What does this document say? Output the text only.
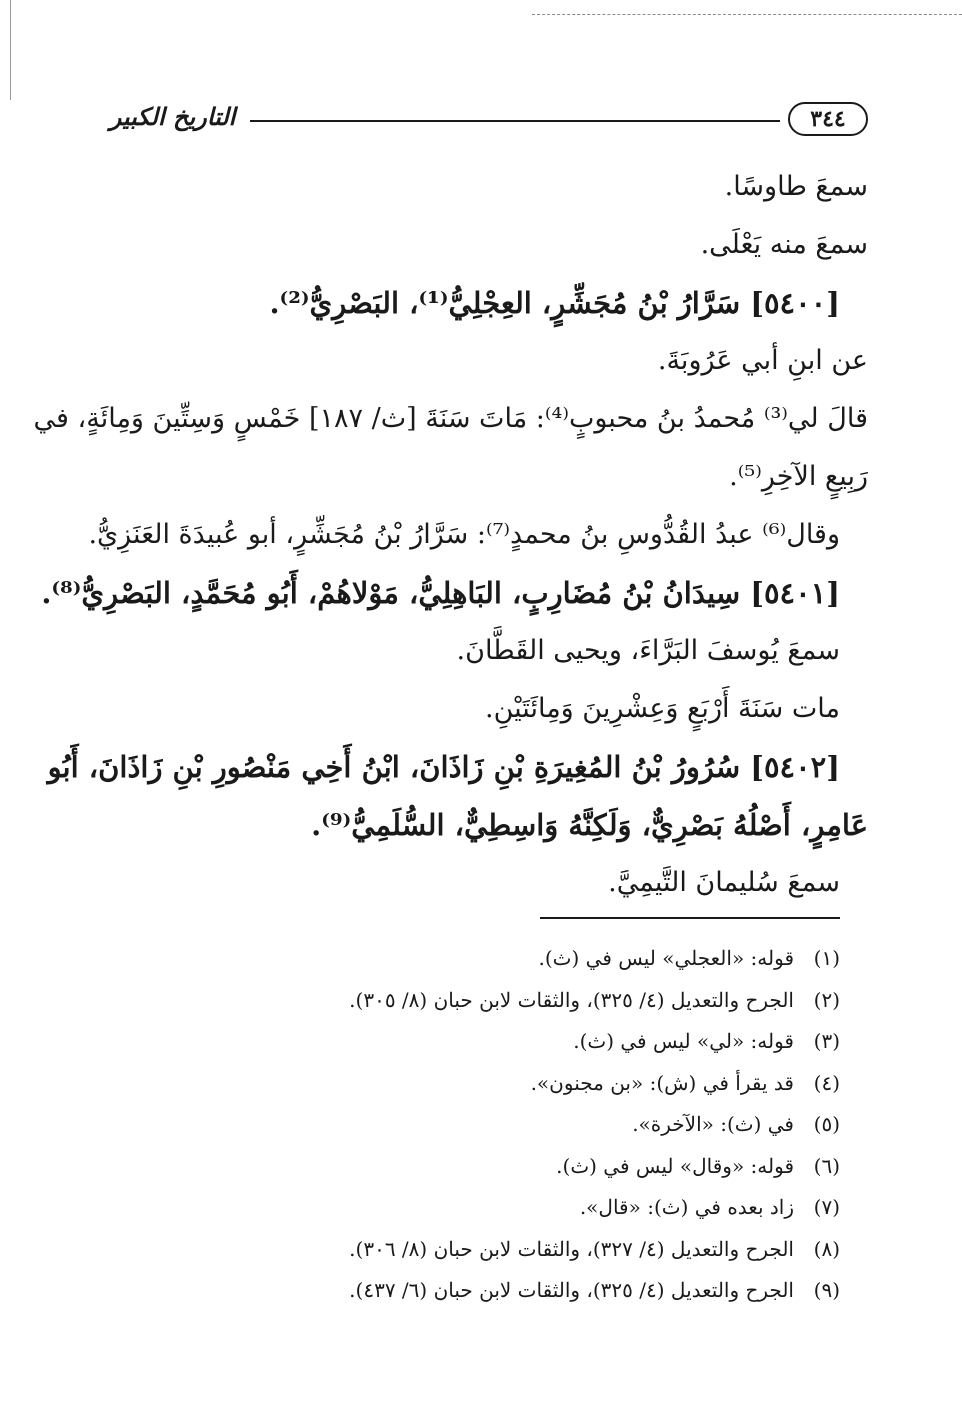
٣٤٤
التاريخ الكبير
سمعَ طاوسًا.
سمعَ منه يَعْلَى.
[٥٤٠٠] سَرَّارُ بْنُ مُجَشِّرٍ، العِجْلِيُّ⁽¹⁾، البَصْرِيُّ⁽²⁾.
عن ابنِ أبي عَرُوبَةَ.
قالَ لي⁽³⁾ مُحمدُ بنُ محبوبٍ⁽⁴⁾: مَاتَ سَنَةَ [ث/ ١٨٧] خَمْسٍ وَسِتِّينَ وَمِائَةٍ، في
رَبِيعٍ الآخِرِ⁽⁵⁾.
وقال⁽⁶⁾ عبدُ القُدُّوسِ بنُ محمدٍ⁽⁷⁾: سَرَّارُ بْنُ مُجَشِّرٍ، أبو عُبيدَةَ العَنَزِيُّ.
[٥٤٠١] سِيدَانُ بْنُ مُضَارِبٍ، البَاهِلِيُّ، مَوْلاهُمْ، أَبُو مُحَمَّدٍ، البَصْرِيُّ⁽⁸⁾.
سمعَ يُوسفَ البَرَّاءَ، ويحيى القَطَّانَ.
مات سَنَةَ أَرْبَعٍ وَعِشْرِينَ وَمِائَتَيْنِ.
[٥٤٠٢] سُرُورُ بْنُ المُغِيرَةِ بْنِ زَاذَانَ، ابْنُ أَخِي مَنْصُورِ بْنِ زَاذَانَ، أَبُو
عَامِرٍ، أَصْلُهُ بَصْرِيٌّ، وَلَكِنَّهُ وَاسِطِيٌّ، السُّلَمِيُّ⁽⁹⁾.
سمعَ سُليمانَ التَّيمِيَّ.
(١)قوله: «العجلي» ليس في (ث).
(٢)الجرح والتعديل (٤/ ٣٢٥)، والثقات لابن حبان (٨/ ٣٠٥).
(٣)قوله: «لي» ليس في (ث).
(٤)قد يقرأ في (ش): «بن مجنون».
(٥)في (ث): «الآخرة».
(٦)قوله: «وقال» ليس في (ث).
(٧)زاد بعده في (ث): «قال».
(٨)الجرح والتعديل (٤/ ٣٢٧)، والثقات لابن حبان (٨/ ٣٠٦).
(٩)الجرح والتعديل (٤/ ٣٢٥)، والثقات لابن حبان (٦/ ٤٣٧).
